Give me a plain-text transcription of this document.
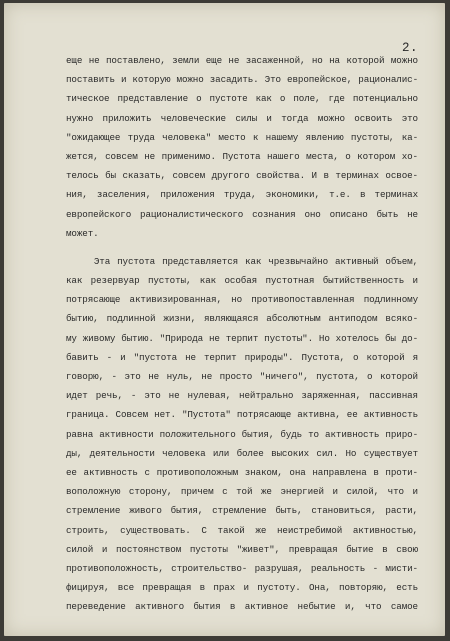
2.
еще не поставлено, земли еще не засаженной, но на которой можно
поставить и которую можно засадить. Это европейское, рационалис-
тическое представление о пустоте как о поле, где потенциально
нужно приложить человеческие силы и тогда можно освоить это
"ожидающее труда человека" место к нашему явлению пустоты, ка-
жется, совсем не применимо. Пустота нашего места, о котором хо-
телось бы сказать, совсем другого свойства. И в терминах освое-
ния, заселения, приложения труда, экономики, т.е. в терминах
европейского рационалистического сознания оно описано быть не
может.
Эта пустота представляется как чрезвычайно активный объем,
как резервуар пустоты, как особая пустотная бытийственность и
потрясающе активизированная, но противопоставленная подлинному
бытию, подлинной жизни, являющаяся абсолютным антиподом всяко-
му живому бытию. "Природа не терпит пустоты". Но хотелось бы до-
бавить - и "пустота не терпит природы". Пустота, о которой я
говорю, - это не нуль, не просто "ничего", пустота, о которой
идет речь, - это не нулевая, нейтрально заряженная, пассивная
граница. Совсем нет. "Пустота" потрясающе активна, ее активность
равна активности положительного бытия, будь то активность приро-
ды, деятельности человека или более высоких сил. Но существует
ее активность с противоположным знаком, она направлена в проти-
воположную сторону, причем с той же энергией и силой, что и
стремление живого бытия, стремление быть, становиться, расти,
строить, существовать. С такой же неистребимой активностью,
силой и постоянством пустоты "живет", превращая бытие в свою
противоположность, строительство- разрушая, реальность - мисти-
фицируя, все превращая в прах и пустоту. Она, повторяю, есть
переведение активного бытия в активное небытие и, что самое
